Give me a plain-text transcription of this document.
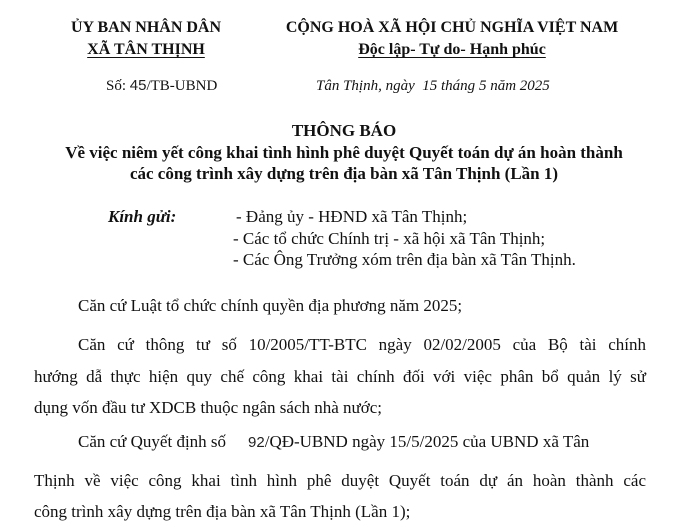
ỦY BAN NHÂN DÂN
XÃ TÂN THỊNH
Số: 45/TB-UBND
CỘNG HOÀ XÃ HỘI CHỦ NGHĨA VIỆT NAM
Độc lập- Tự do- Hạnh phúc
Tân Thịnh, ngày 15 tháng 5 năm 2025
THÔNG BÁO
Về việc niêm yết công khai tình hình phê duyệt Quyết toán dự án hoàn thành
các công trình xây dựng trên địa bàn xã Tân Thịnh (Lần 1)
Kính gửi:	- Đảng ủy - HĐND xã Tân Thịnh;
- Các tổ chức Chính trị - xã hội xã Tân Thịnh;
- Các Ông Trưởng xóm trên địa bàn xã Tân Thịnh.
Căn cứ Luật tổ chức chính quyền địa phương năm 2025;
Căn cứ thông tư số 10/2005/TT-BTC ngày 02/02/2005 của Bộ tài chính
hướng dẫ thực hiện quy chế công khai tài chính đối với việc phân bổ quản lý sử
dụng vốn đầu tư XDCB thuộc ngân sách nhà nước;
Căn cứ Quyết định số	92/QĐ-UBND ngày 15/5/2025 của UBND xã Tân
Thịnh về việc công khai tình hình phê duyệt Quyết toán dự án hoàn thành các
công trình xây dựng trên địa bàn xã Tân Thịnh (Lần 1);
